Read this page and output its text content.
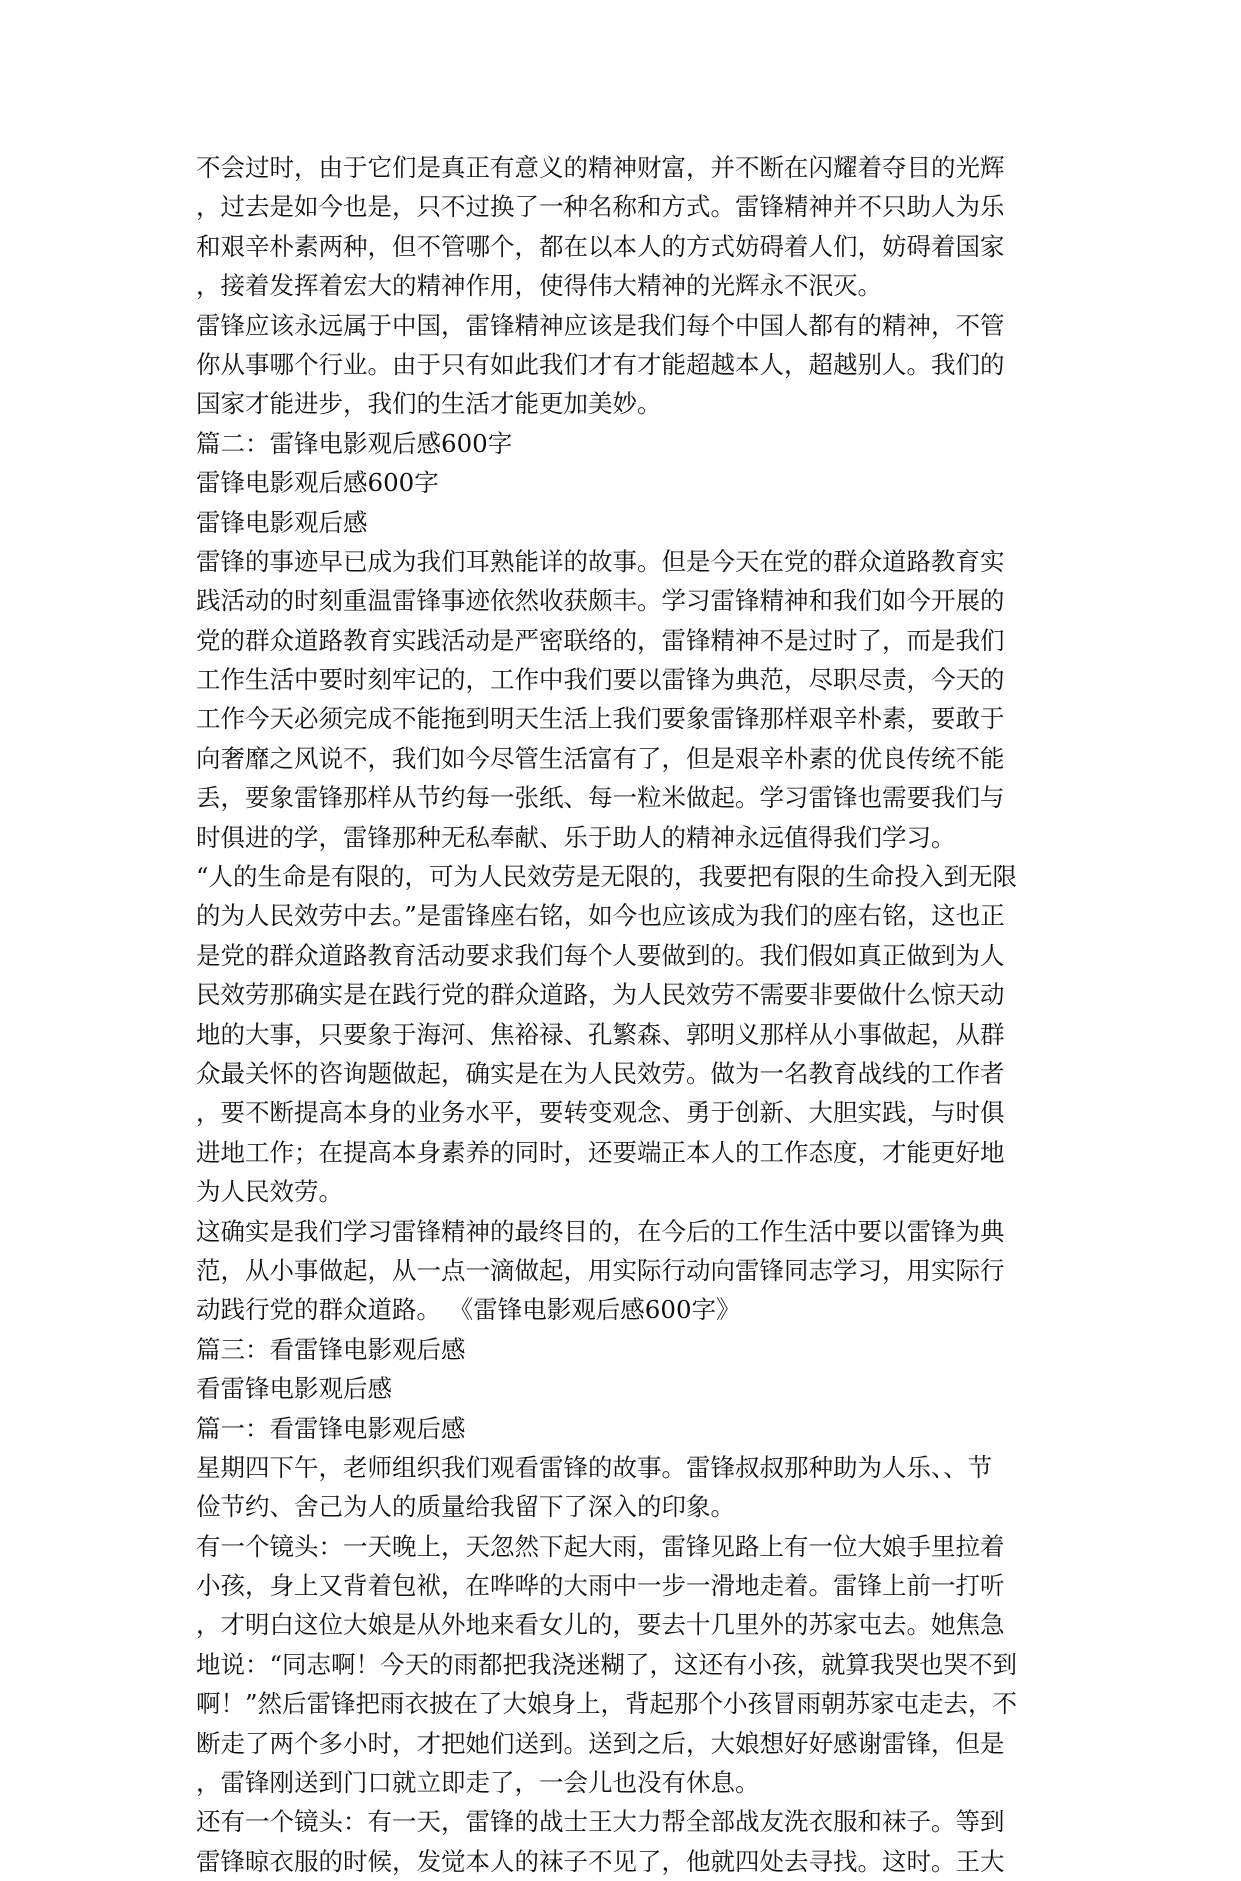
不会过时，由于它们是真正有意义的精神财富，并不断在闪耀着夺目的光辉
，过去是如今也是，只不过换了一种名称和方式。雷锋精神并不只助人为乐
和艰辛朴素两种，但不管哪个，都在以本人的方式妨碍着人们，妨碍着国家
，接着发挥着宏大的精神作用，使得伟大精神的光辉永不泯灭。
雷锋应该永远属于中国，雷锋精神应该是我们每个中国人都有的精神，不管
你从事哪个行业。由于只有如此我们才有才能超越本人，超越别人。我们的
国家才能进步，我们的生活才能更加美妙。
篇二：雷锋电影观后感600字
雷锋电影观后感600字
雷锋电影观后感
雷锋的事迹早已成为我们耳熟能详的故事。但是今天在党的群众道路教育实
践活动的时刻重温雷锋事迹依然收获颇丰。学习雷锋精神和我们如今开展的
党的群众道路教育实践活动是严密联络的，雷锋精神不是过时了，而是我们
工作生活中要时刻牢记的，工作中我们要以雷锋为典范，尽职尽责，今天的
工作今天必须完成不能拖到明天生活上我们要象雷锋那样艰辛朴素，要敢于
向奢靡之风说不，我们如今尽管生活富有了，但是艰辛朴素的优良传统不能
丢，要象雷锋那样从节约每一张纸、每一粒米做起。学习雷锋也需要我们与
时俱进的学，雷锋那种无私奉献、乐于助人的精神永远值得我们学习。
“人的生命是有限的，可为人民效劳是无限的，我要把有限的生命投入到无限
的为人民效劳中去。”是雷锋座右铭，如今也应该成为我们的座右铭，这也正
是党的群众道路教育活动要求我们每个人要做到的。我们假如真正做到为人
民效劳那确实是在践行党的群众道路，为人民效劳不需要非要做什么惊天动
地的大事，只要象于海河、焦裕禄、孔繁森、郭明义那样从小事做起，从群
众最关怀的咨询题做起，确实是在为人民效劳。做为一名教育战线的工作者
，要不断提高本身的业务水平，要转变观念、勇于创新、大胆实践，与时俱
进地工作；在提高本身素养的同时，还要端正本人的工作态度，才能更好地
为人民效劳。
这确实是我们学习雷锋精神的最终目的，在今后的工作生活中要以雷锋为典
范，从小事做起，从一点一滴做起，用实际行动向雷锋同志学习，用实际行
动践行党的群众道路。 《雷锋电影观后感600字》
篇三：看雷锋电影观后感
看雷锋电影观后感
篇一：看雷锋电影观后感
星期四下午，老师组织我们观看雷锋的故事。雷锋叔叔那种助为人乐、、节
俭节约、舍己为人的质量给我留下了深入的印象。
有一个镜头：一天晚上，天忽然下起大雨，雷锋见路上有一位大娘手里拉着
小孩，身上又背着包袱，在哗哗的大雨中一步一滑地走着。雷锋上前一打听
，才明白这位大娘是从外地来看女儿的，要去十几里外的苏家屯去。她焦急
地说：“同志啊！今天的雨都把我浇迷糊了，这还有小孩，就算我哭也哭不到
啊！”然后雷锋把雨衣披在了大娘身上，背起那个小孩冒雨朝苏家屯走去，不
断走了两个多小时，才把她们送到。送到之后，大娘想好好感谢雷锋，但是
，雷锋刚送到门口就立即走了，一会儿也没有休息。
还有一个镜头：有一天，雷锋的战士王大力帮全部战友洗衣服和袜子。等到
雷锋晾衣服的时候，发觉本人的袜子不见了，他就四处去寻找。这时。王大
